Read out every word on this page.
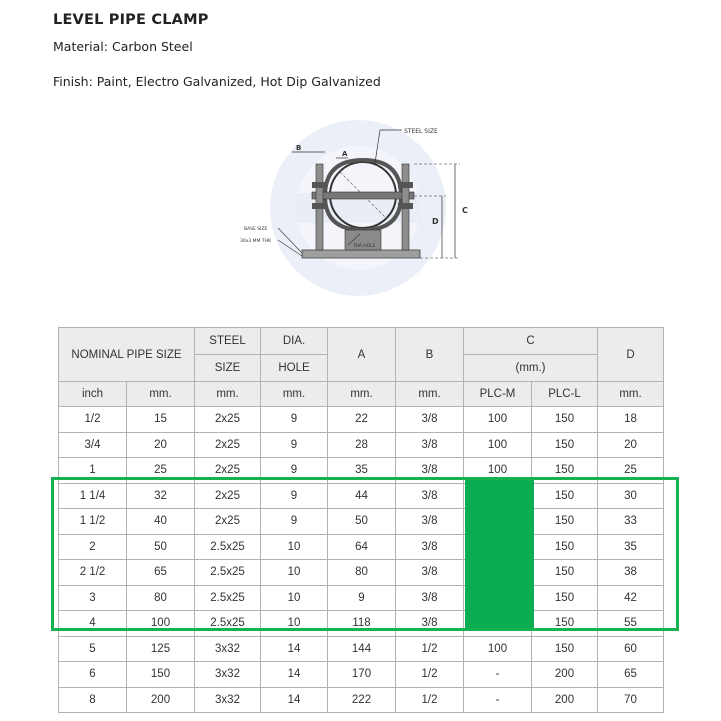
LEVEL PIPE CLAMP
Material: Carbon Steel
Finish: Paint, Electro Galvanized, Hot Dip Galvanized
STEEL SIZE
B
A
C
D
BASE SIZE
30x3 MM THK
DIA.HOLE
NOMINAL PIPE SIZE		STEEL	DIA.	A	B	C		D
		SIZE	HOLE			(mm.)		
inch	mm.	mm.	mm.	mm.	mm.	PLC-M	PLC-L	mm.
1/2	15	2x25	9	22	3/8	100	150	18
3/4	20	2x25	9	28	3/8	100	150	20
1	25	2x25	9	35	3/8	100	150	25
1 1/4	32	2x25	9	44	3/8		150	30
1 1/2	40	2x25	9	50	3/8		150	33
2	50	2.5x25	10	64	3/8		150	35
2 1/2	65	2.5x25	10	80	3/8		150	38
3	80	2.5x25	10	9	3/8		150	42
4	100	2.5x25	10	118	3/8		150	55
5	125	3x32	14	144	1/2	100	150	60
6	150	3x32	14	170	1/2	-	200	65
8	200	3x32	14	222	1/2	-	200	70
